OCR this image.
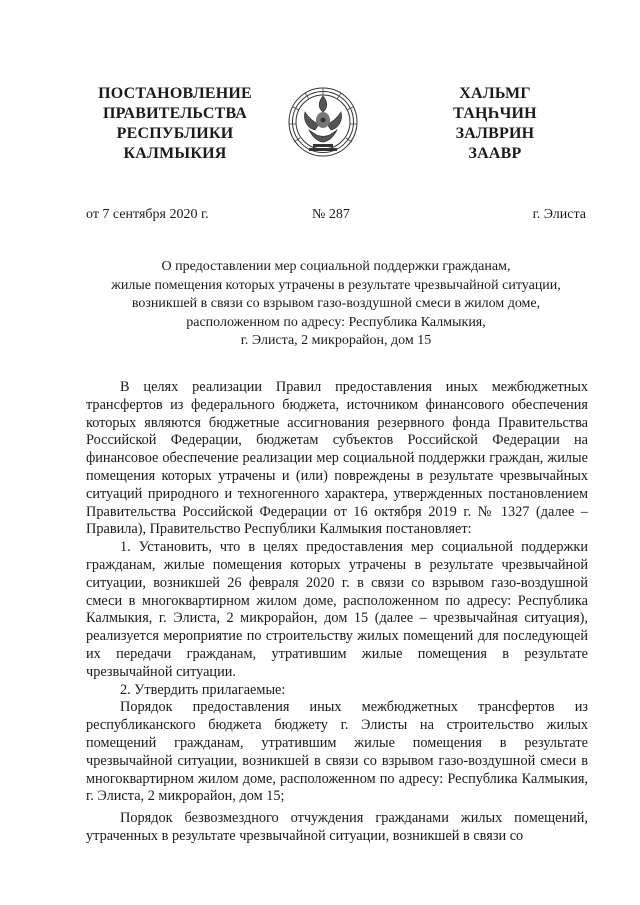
ПОСТАНОВЛЕНИЕ
ПРАВИТЕЛЬСТВА
РЕСПУБЛИКИ
КАЛМЫКИЯ
ХАЛЬМГ
ТАҢҺЧИН
ЗАЛВРИН
ЗААВР
от 7 сентября 2020 г.	№ 287	г. Элиста
О предоставлении мер социальной поддержки гражданам,
жилые помещения которых утрачены в результате чрезвычайной ситуации,
возникшей в связи со взрывом газо-воздушной смеси в жилом доме,
расположенном по адресу: Республика Калмыкия,
г. Элиста, 2 микрорайон, дом 15

В целях реализации Правил предоставления иных межбюджетных трансфертов из федерального бюджета, источником финансового обеспечения которых являются бюджетные ассигнования резервного фонда Правительства Российской Федерации, бюджетам субъектов Российской Федерации на финансовое обеспечение реализации мер социальной поддержки граждан, жилые помещения которых утрачены и (или) повреждены в результате чрезвычайных ситуаций природного и техногенного характера, утвержденных постановлением Правительства Российской Федерации от 16 октября 2019 г. № 1327 (далее – Правила), Правительство Республики Калмыкия постановляет:

1. Установить, что в целях предоставления мер социальной поддержки гражданам, жилые помещения которых утрачены в результате чрезвычайной ситуации, возникшей 26 февраля 2020 г. в связи со взрывом газо-воздушной смеси в многоквартирном жилом доме, расположенном по адресу: Республика Калмыкия, г. Элиста, 2 микрорайон, дом 15 (далее – чрезвычайная ситуация), реализуется мероприятие по строительству жилых помещений для последующей их передачи гражданам, утратившим жилые помещения в результате чрезвычайной ситуации.

2. Утвердить прилагаемые:

Порядок предоставления иных межбюджетных трансфертов из республиканского бюджета бюджету г. Элисты на строительство жилых помещений гражданам, утратившим жилые помещения в результате чрезвычайной ситуации, возникшей в связи со взрывом газо-воздушной смеси в многоквартирном жилом доме, расположенном по адресу: Республика Калмыкия, г. Элиста, 2 микрорайон, дом 15;

Порядок безвозмездного отчуждения гражданами жилых помещений, утраченных в результате чрезвычайной ситуации, возникшей в связи со
